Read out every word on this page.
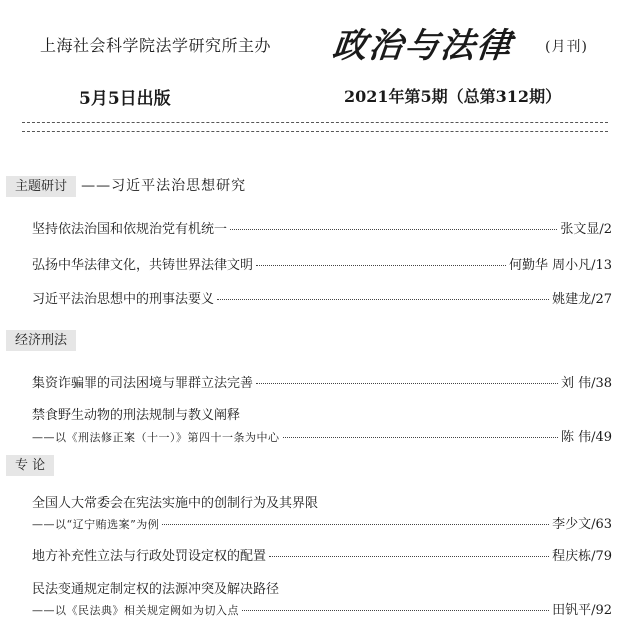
上海社会科学院法学研究所主办 政治与法律 (月刊)
5月5日出版	2021年第5期（总第312期）
主题研讨 ——习近平法治思想研究
坚持依法治国和依规治党有机统一	张文显/2
弘扬中华法律文化，共铸世界法律文明	何勤华 周小凡/13
习近平法治思想中的刑事法要义	姚建龙/27
经济刑法
集资诈骗罪的司法困境与罪群立法完善	刘 伟/38
禁食野生动物的刑法规制与教义阐释
——以《刑法修正案（十一）》第四十一条为中心	陈 伟/49
专 论
全国人大常委会在宪法实施中的创制行为及其界限
——以“辽宁贿选案”为例	李少文/63
地方补充性立法与行政处罚设定权的配置	程庆栋/79
民法变通规定制定权的法源冲突及解决路径
——以《民法典》相关规定阙如为切入点	田钒平/92
